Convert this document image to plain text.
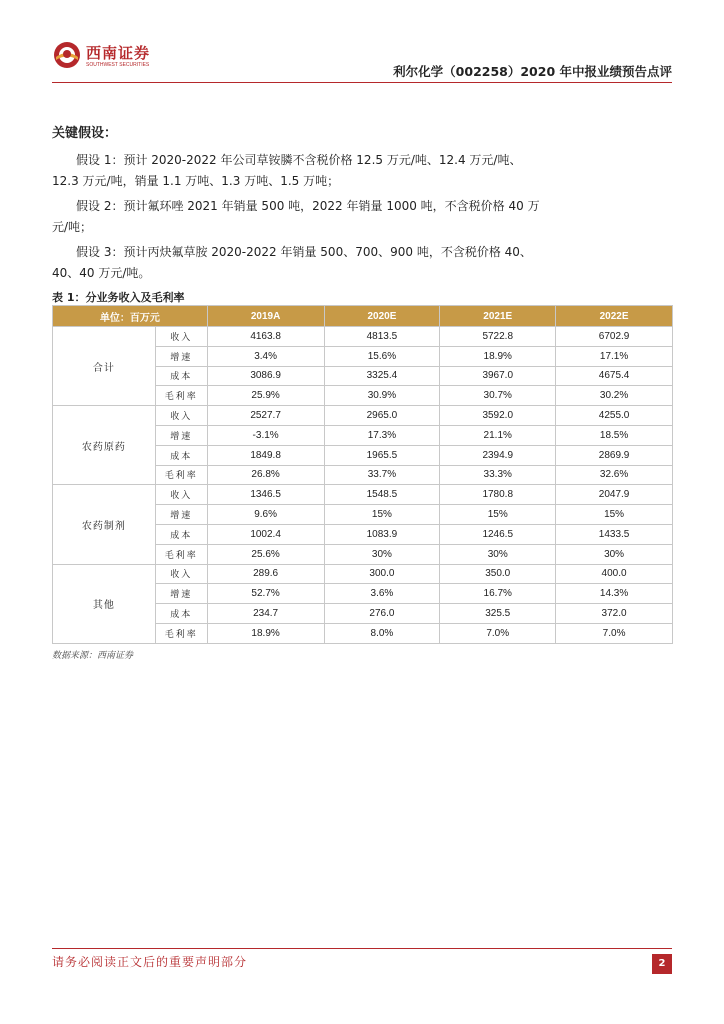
西南证券
SOUTHWEST SECURITIES	利尔化学（002258）2020 年中报业绩预告点评
关键假设：
假设 1：预计 2020-2022 年公司草铵膦不含税价格 12.5 万元/吨、12.4 万元/吨、12.3 万元/吨，销量 1.1 万吨、1.3 万吨、1.5 万吨；
假设 2：预计氟环唑 2021 年销量 500 吨，2022 年销量 1000 吨，不含税价格 40 万元/吨；
假设 3：预计丙炔氟草胺 2020-2022 年销量 500、700、900 吨，不含税价格 40、40、40 万元/吨。
表 1：分业务收入及毛利率
单位：百万元		2019A	2020E	2021E	2022E
合计	收入	4163.8	4813.5	5722.8	6702.9
	增速	3.4%	15.6%	18.9%	17.1%
	成本	3086.9	3325.4	3967.0	4675.4
	毛利率	25.9%	30.9%	30.7%	30.2%
农药原药	收入	2527.7	2965.0	3592.0	4255.0
	增速	-3.1%	17.3%	21.1%	18.5%
	成本	1849.8	1965.5	2394.9	2869.9
	毛利率	26.8%	33.7%	33.3%	32.6%
农药制剂	收入	1346.5	1548.5	1780.8	2047.9
	增速	9.6%	15%	15%	15%
	成本	1002.4	1083.9	1246.5	1433.5
	毛利率	25.6%	30%	30%	30%
其他	收入	289.6	300.0	350.0	400.0
	增速	52.7%	3.6%	16.7%	14.3%
	成本	234.7	276.0	325.5	372.0
	毛利率	18.9%	8.0%	7.0%	7.0%
数据来源：西南证券
请务必阅读正文后的重要声明部分	2
